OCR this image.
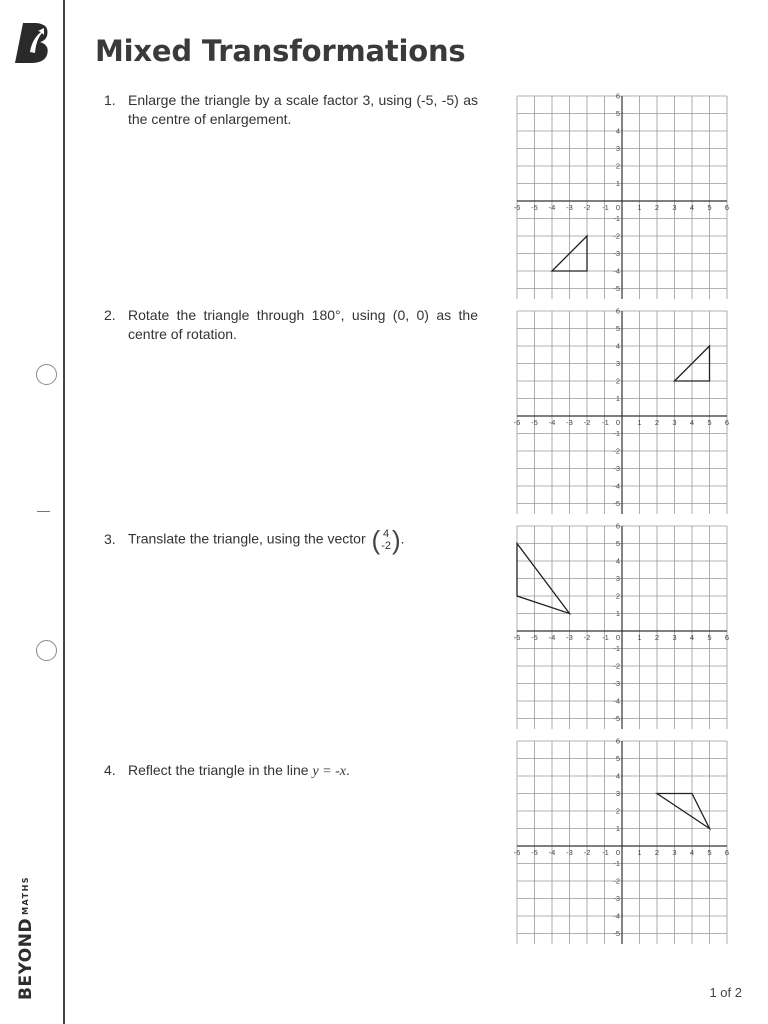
BEYONDMATHS
Mixed Transformations
1. Enlarge the triangle by a scale factor 3, using (-5, -5) as the centre of enlargement.
2. Rotate the triangle through 180°, using (0, 0) as the centre of rotation.
3. Translate the triangle, using the vector ( 4
-2 ).
4. Reflect the triangle in the line y = -x.
-6 -5 -4 -3 -2 -1 0 1 2 3 4 5 6
6
5
4
3
2
1
-1
-2
-3
-4
-5
-6 -5 -4 -3 -2 -1 0 1 2 3 4 5 6
6
5
4
3
2
1
-1
-2
-3
-4
-5
-6 -5 -4 -3 -2 -1 0 1 2 3 4 5 6
6
5
4
3
2
1
-1
-2
-3
-4
-5
-6 -5 -4 -3 -2 -1 0 1 2 3 4 5 6
6
5
4
3
2
1
-1
-2
-3
-4
-5
1 of 2
